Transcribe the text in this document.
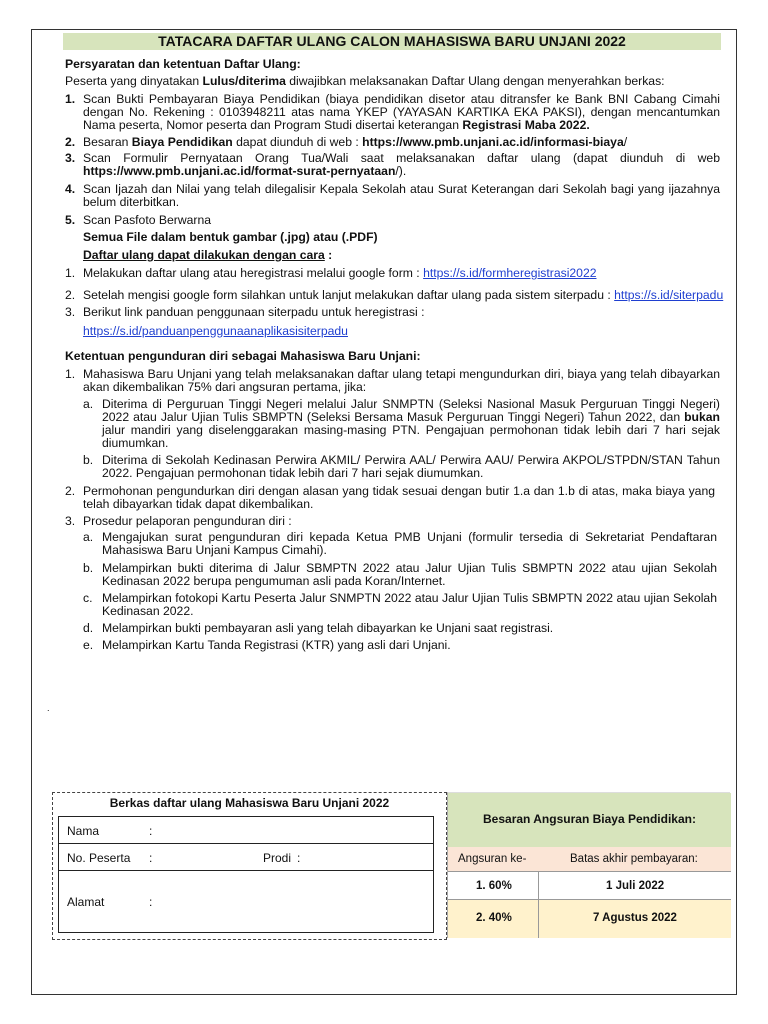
TATACARA DAFTAR ULANG CALON MAHASISWA BARU UNJANI 2022
Persyaratan dan ketentuan Daftar Ulang:
Peserta yang dinyatakan Lulus/diterima diwajibkan melaksanakan Daftar Ulang dengan menyerahkan berkas:
1. Scan Bukti Pembayaran Biaya Pendidikan (biaya pendidikan disetor atau ditransfer ke Bank BNI Cabang Cimahi
dengan No. Rekening : 0103948211 atas nama YKEP (YAYASAN KARTIKA EKA PAKSI), dengan mencantumkan
Nama peserta, Nomor peserta dan Program Studi disertai keterangan Registrasi Maba 2022.
2. Besaran Biaya Pendidikan dapat diunduh di web : https://www.pmb.unjani.ac.id/informasi-biaya/
3. Scan Formulir Pernyataan Orang Tua/Wali saat melaksanakan daftar ulang (dapat diunduh di web
https://www.pmb.unjani.ac.id/format-surat-pernyataan/).
4. Scan Ijazah dan Nilai yang telah dilegalisir Kepala Sekolah atau Surat Keterangan dari Sekolah bagi yang ijazahnya
belum diterbitkan.
5. Scan Pasfoto Berwarna
Semua File dalam bentuk gambar (.jpg) atau (.PDF)
Daftar ulang dapat dilakukan dengan cara :
1. Melakukan daftar ulang atau heregistrasi melalui google form : https://s.id/formheregistrasi2022
2. Setelah mengisi google form silahkan untuk lanjut melakukan daftar ulang pada sistem siterpadu : https://s.id/siterpadu
3. Berikut link panduan penggunaan siterpadu untuk heregistrasi :
https://s.id/panduanpenggunaanaplikasisiterpadu
Ketentuan pengunduran diri sebagai Mahasiswa Baru Unjani:
1. Mahasiswa Baru Unjani yang telah melaksanakan daftar ulang tetapi mengundurkan diri, biaya yang telah dibayarkan
akan dikembalikan 75% dari angsuran pertama, jika:
a. Diterima di Perguruan Tinggi Negeri melalui Jalur SNMPTN (Seleksi Nasional Masuk Perguruan Tinggi Negeri)
2022 atau Jalur Ujian Tulis SBMPTN (Seleksi Bersama Masuk Perguruan Tinggi Negeri) Tahun 2022, dan bukan
jalur mandiri yang diselenggarakan masing-masing PTN. Pengajuan permohonan tidak lebih dari 7 hari sejak
diumumkan.
b. Diterima di Sekolah Kedinasan Perwira AKMIL/ Perwira AAL/ Perwira AAU/ Perwira AKPOL/STPDN/STAN Tahun
2022. Pengajuan permohonan tidak lebih dari 7 hari sejak diumumkan.
2. Permohonan pengundurkan diri dengan alasan yang tidak sesuai dengan butir 1.a dan 1.b di atas, maka biaya yang
telah dibayarkan tidak dapat dikembalikan.
3. Prosedur pelaporan pengunduran diri :
a. Mengajukan surat pengunduran diri kepada Ketua PMB Unjani (formulir tersedia di Sekretariat Pendaftaran
Mahasiswa Baru Unjani Kampus Cimahi).
b. Melampirkan bukti diterima di Jalur SBMPTN 2022 atau Jalur Ujian Tulis SBMPTN 2022 atau ujian Sekolah
Kedinasan 2022 berupa pengumuman asli pada Koran/Internet.
c. Melampirkan fotokopi Kartu Peserta Jalur SNMPTN 2022 atau Jalur Ujian Tulis SBMPTN 2022 atau ujian Sekolah
Kedinasan 2022.
d. Melampirkan bukti pembayaran asli yang telah dibayarkan ke Unjani saat registrasi.
e. Melampirkan Kartu Tanda Registrasi (KTR) yang asli dari Unjani.
.
Berkas daftar ulang Mahasiswa Baru Unjani 2022
Nama	:
No. Peserta :	Prodi :
Alamat	:
Besaran Angsuran Biaya Pendidikan:
Angsuran ke-	Batas akhir pembayaran:
1. 60%	1 Juli 2022
2. 40%	7 Agustus 2022
